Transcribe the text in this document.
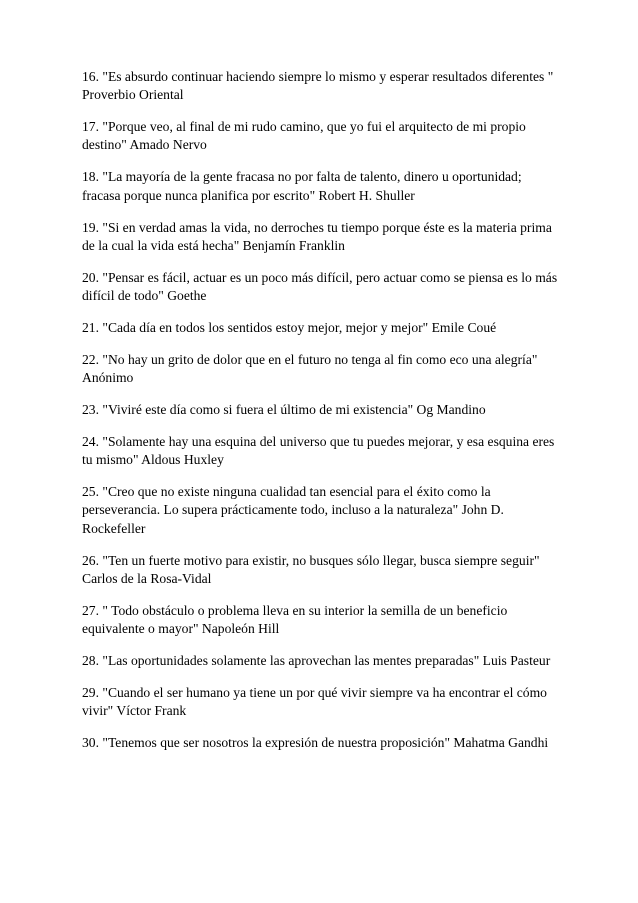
16. "Es absurdo continuar haciendo siempre lo mismo y esperar resultados diferentes " Proverbio Oriental
17. "Porque veo, al final de mi rudo camino, que yo fui el arquitecto de mi propio destino" Amado Nervo
18. "La mayoría de la gente fracasa no por falta de talento, dinero u oportunidad; fracasa porque nunca planifica por escrito" Robert H. Shuller
19. "Si en verdad amas la vida, no derroches tu tiempo porque éste es la materia prima de la cual la vida está hecha" Benjamín Franklin
20. "Pensar es fácil, actuar es un poco más difícil, pero actuar como se piensa es lo más difícil de todo" Goethe
21. "Cada día en todos los sentidos estoy mejor, mejor y mejor" Emile Coué
22. "No hay un grito de dolor que en el futuro no tenga al fin como eco una alegría" Anónimo
23. "Viviré este día como si fuera el último de mi existencia" Og Mandino
24. "Solamente hay una esquina del universo que tu puedes mejorar, y esa esquina eres tu mismo" Aldous Huxley
25. "Creo que no existe ninguna cualidad tan esencial para el éxito como la perseverancia. Lo supera prácticamente todo, incluso a la naturaleza" John D. Rockefeller
26. "Ten un fuerte motivo para existir, no busques sólo llegar, busca siempre seguir" Carlos de la Rosa-Vidal
27. " Todo obstáculo o problema lleva en su interior la semilla de un beneficio equivalente o mayor" Napoleón Hill
28. "Las oportunidades solamente las aprovechan las mentes preparadas" Luis Pasteur
29. "Cuando el ser humano ya tiene un por qué vivir siempre va ha encontrar el cómo vivir" Víctor Frank
30. "Tenemos que ser nosotros la expresión de nuestra proposición" Mahatma Gandhi
